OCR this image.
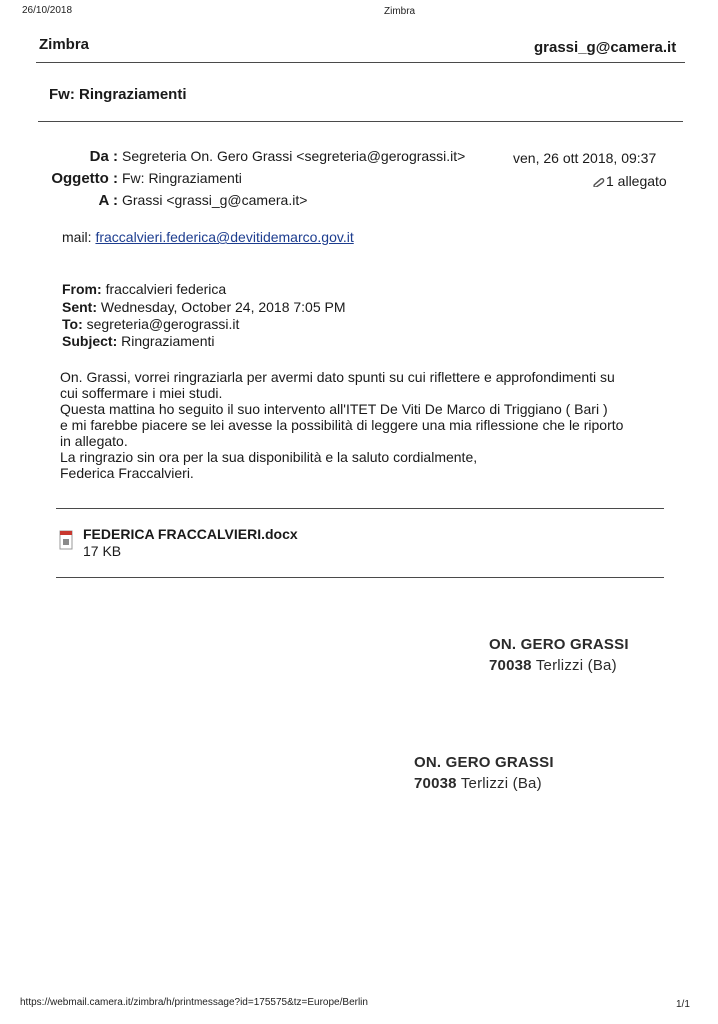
26/10/2018	Zimbra
Zimbra	grassi_g@camera.it
Fw: Ringraziamenti
Da : Segreteria On. Gero Grassi <segreteria@gerograssi.it>	ven, 26 ott 2018, 09:37
Oggetto : Fw: Ringraziamenti	1 allegato
A : Grassi <grassi_g@camera.it>
mail: fraccalvieri.federica@devitidemarco.gov.it
From: fraccalvieri federica
Sent: Wednesday, October 24, 2018 7:05 PM
To: segreteria@gerograssi.it
Subject: Ringraziamenti
On. Grassi, vorrei ringraziarla per avermi dato spunti su cui riflettere e approfondimenti su
cui soffermare i miei studi.
Questa mattina ho seguito il suo intervento all'ITET De Viti De Marco di Triggiano ( Bari )
e mi farebbe piacere se lei avesse la possibilità di leggere una mia riflessione che le riporto
in allegato.
La ringrazio sin ora per la sua disponibilità e la saluto cordialmente,
Federica Fraccalvieri.
FEDERICA FRACCALVIERI.docx
17 KB
ON. GERO GRASSI
70038 Terlizzi (Ba)
ON. GERO GRASSI
70038 Terlizzi (Ba)
https://webmail.camera.it/zimbra/h/printmessage?id=175575&tz=Europe/Berlin	1/1
